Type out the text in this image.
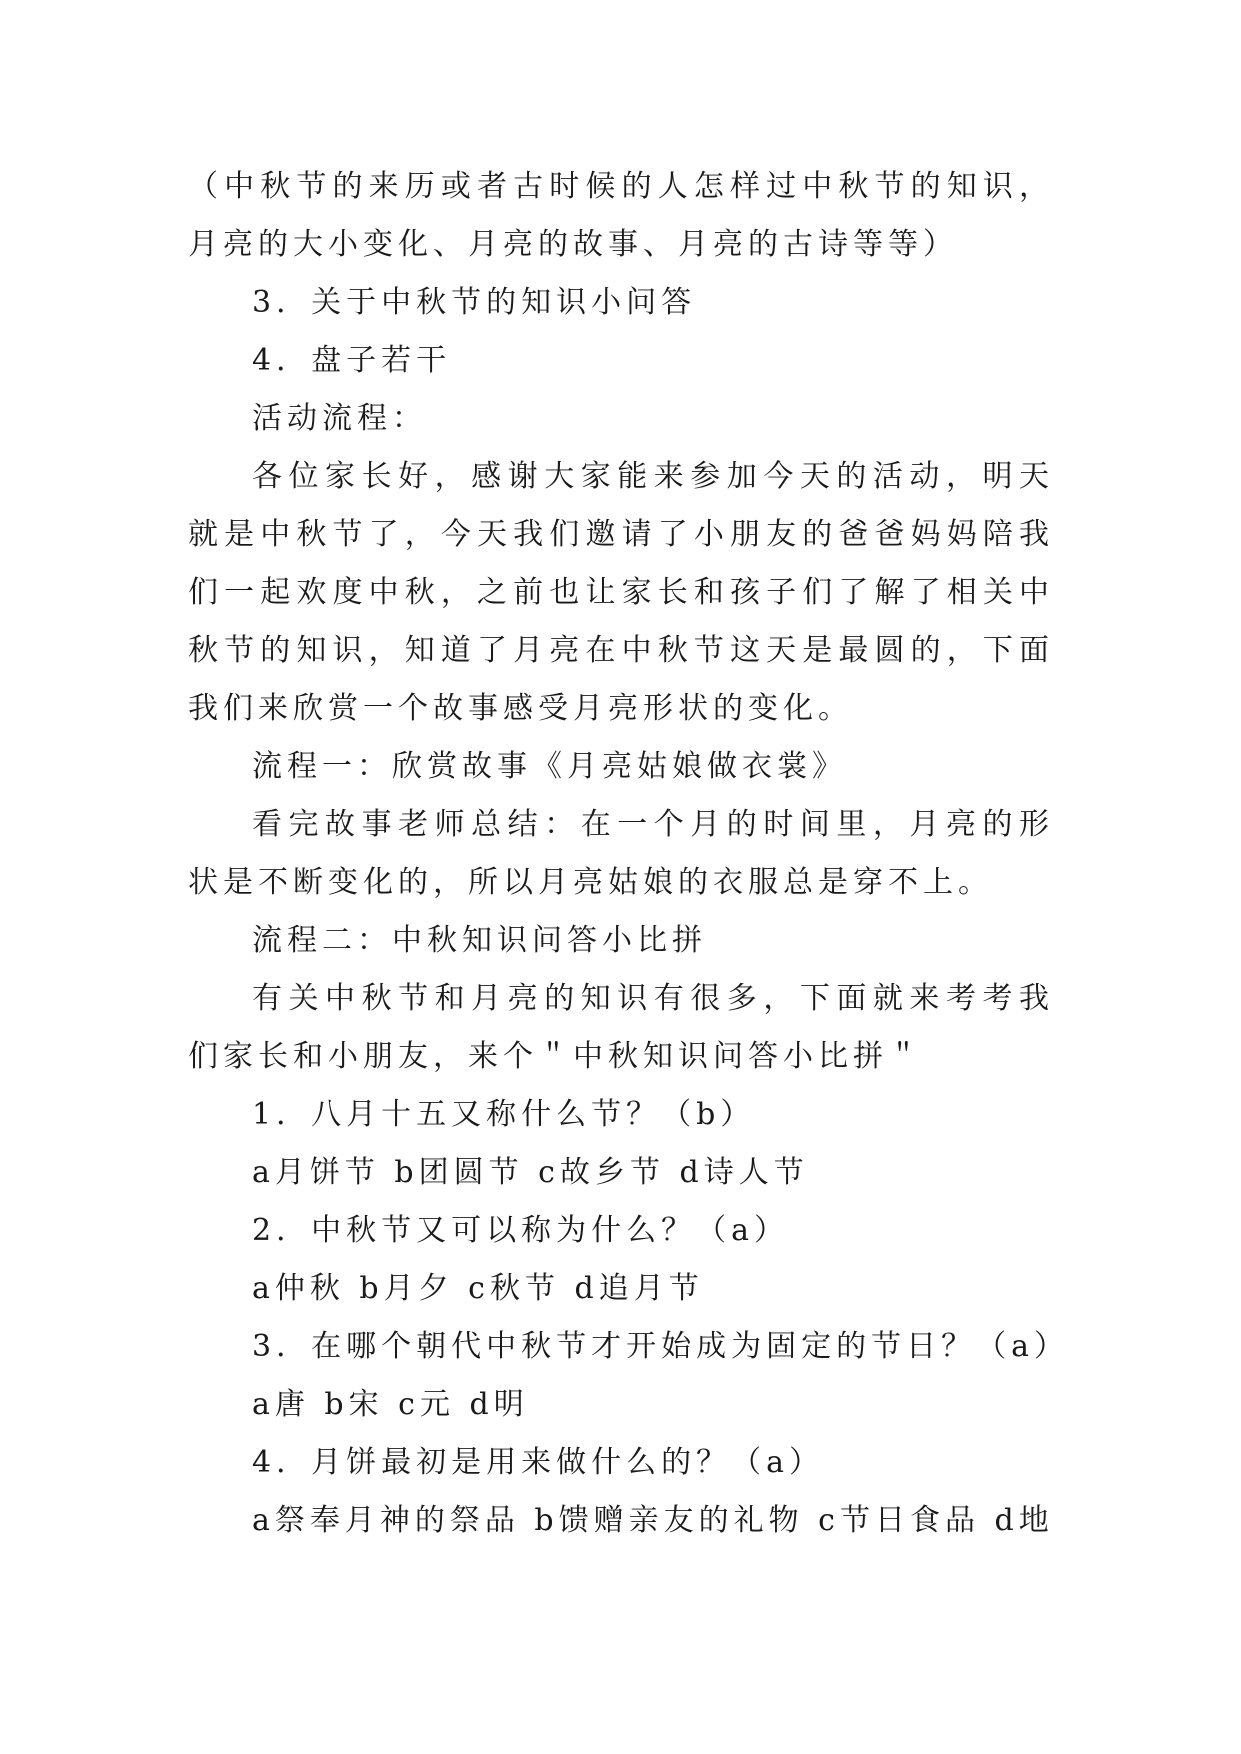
（中秋节的来历或者古时候的人怎样过中秋节的知识，月亮的大小变化、月亮的故事、月亮的古诗等等）

3．关于中秋节的知识小问答

4．盘子若干

活动流程：

各位家长好，感谢大家能来参加今天的活动，明天就是中秋节了，今天我们邀请了小朋友的爸爸妈妈陪我们一起欢度中秋，之前也让家长和孩子们了解了相关中秋节的知识，知道了月亮在中秋节这天是最圆的，下面我们来欣赏一个故事感受月亮形状的变化。

流程一：欣赏故事《月亮姑娘做衣裳》

看完故事老师总结：在一个月的时间里，月亮的形状是不断变化的，所以月亮姑娘的衣服总是穿不上。

流程二：中秋知识问答小比拼

有关中秋节和月亮的知识有很多，下面就来考考我们家长和小朋友，来个＂中秋知识问答小比拼＂

1．八月十五又称什么节？（b）

a月饼节 b团圆节 c故乡节 d诗人节

2．中秋节又可以称为什么？（a）

a仲秋 b月夕 c秋节 d追月节

3．在哪个朝代中秋节才开始成为固定的节日？（a）

a唐 b宋 c元 d明

4．月饼最初是用来做什么的？（a）

a祭奉月神的祭品 b馈赠亲友的礼物 c节日食品 d地
